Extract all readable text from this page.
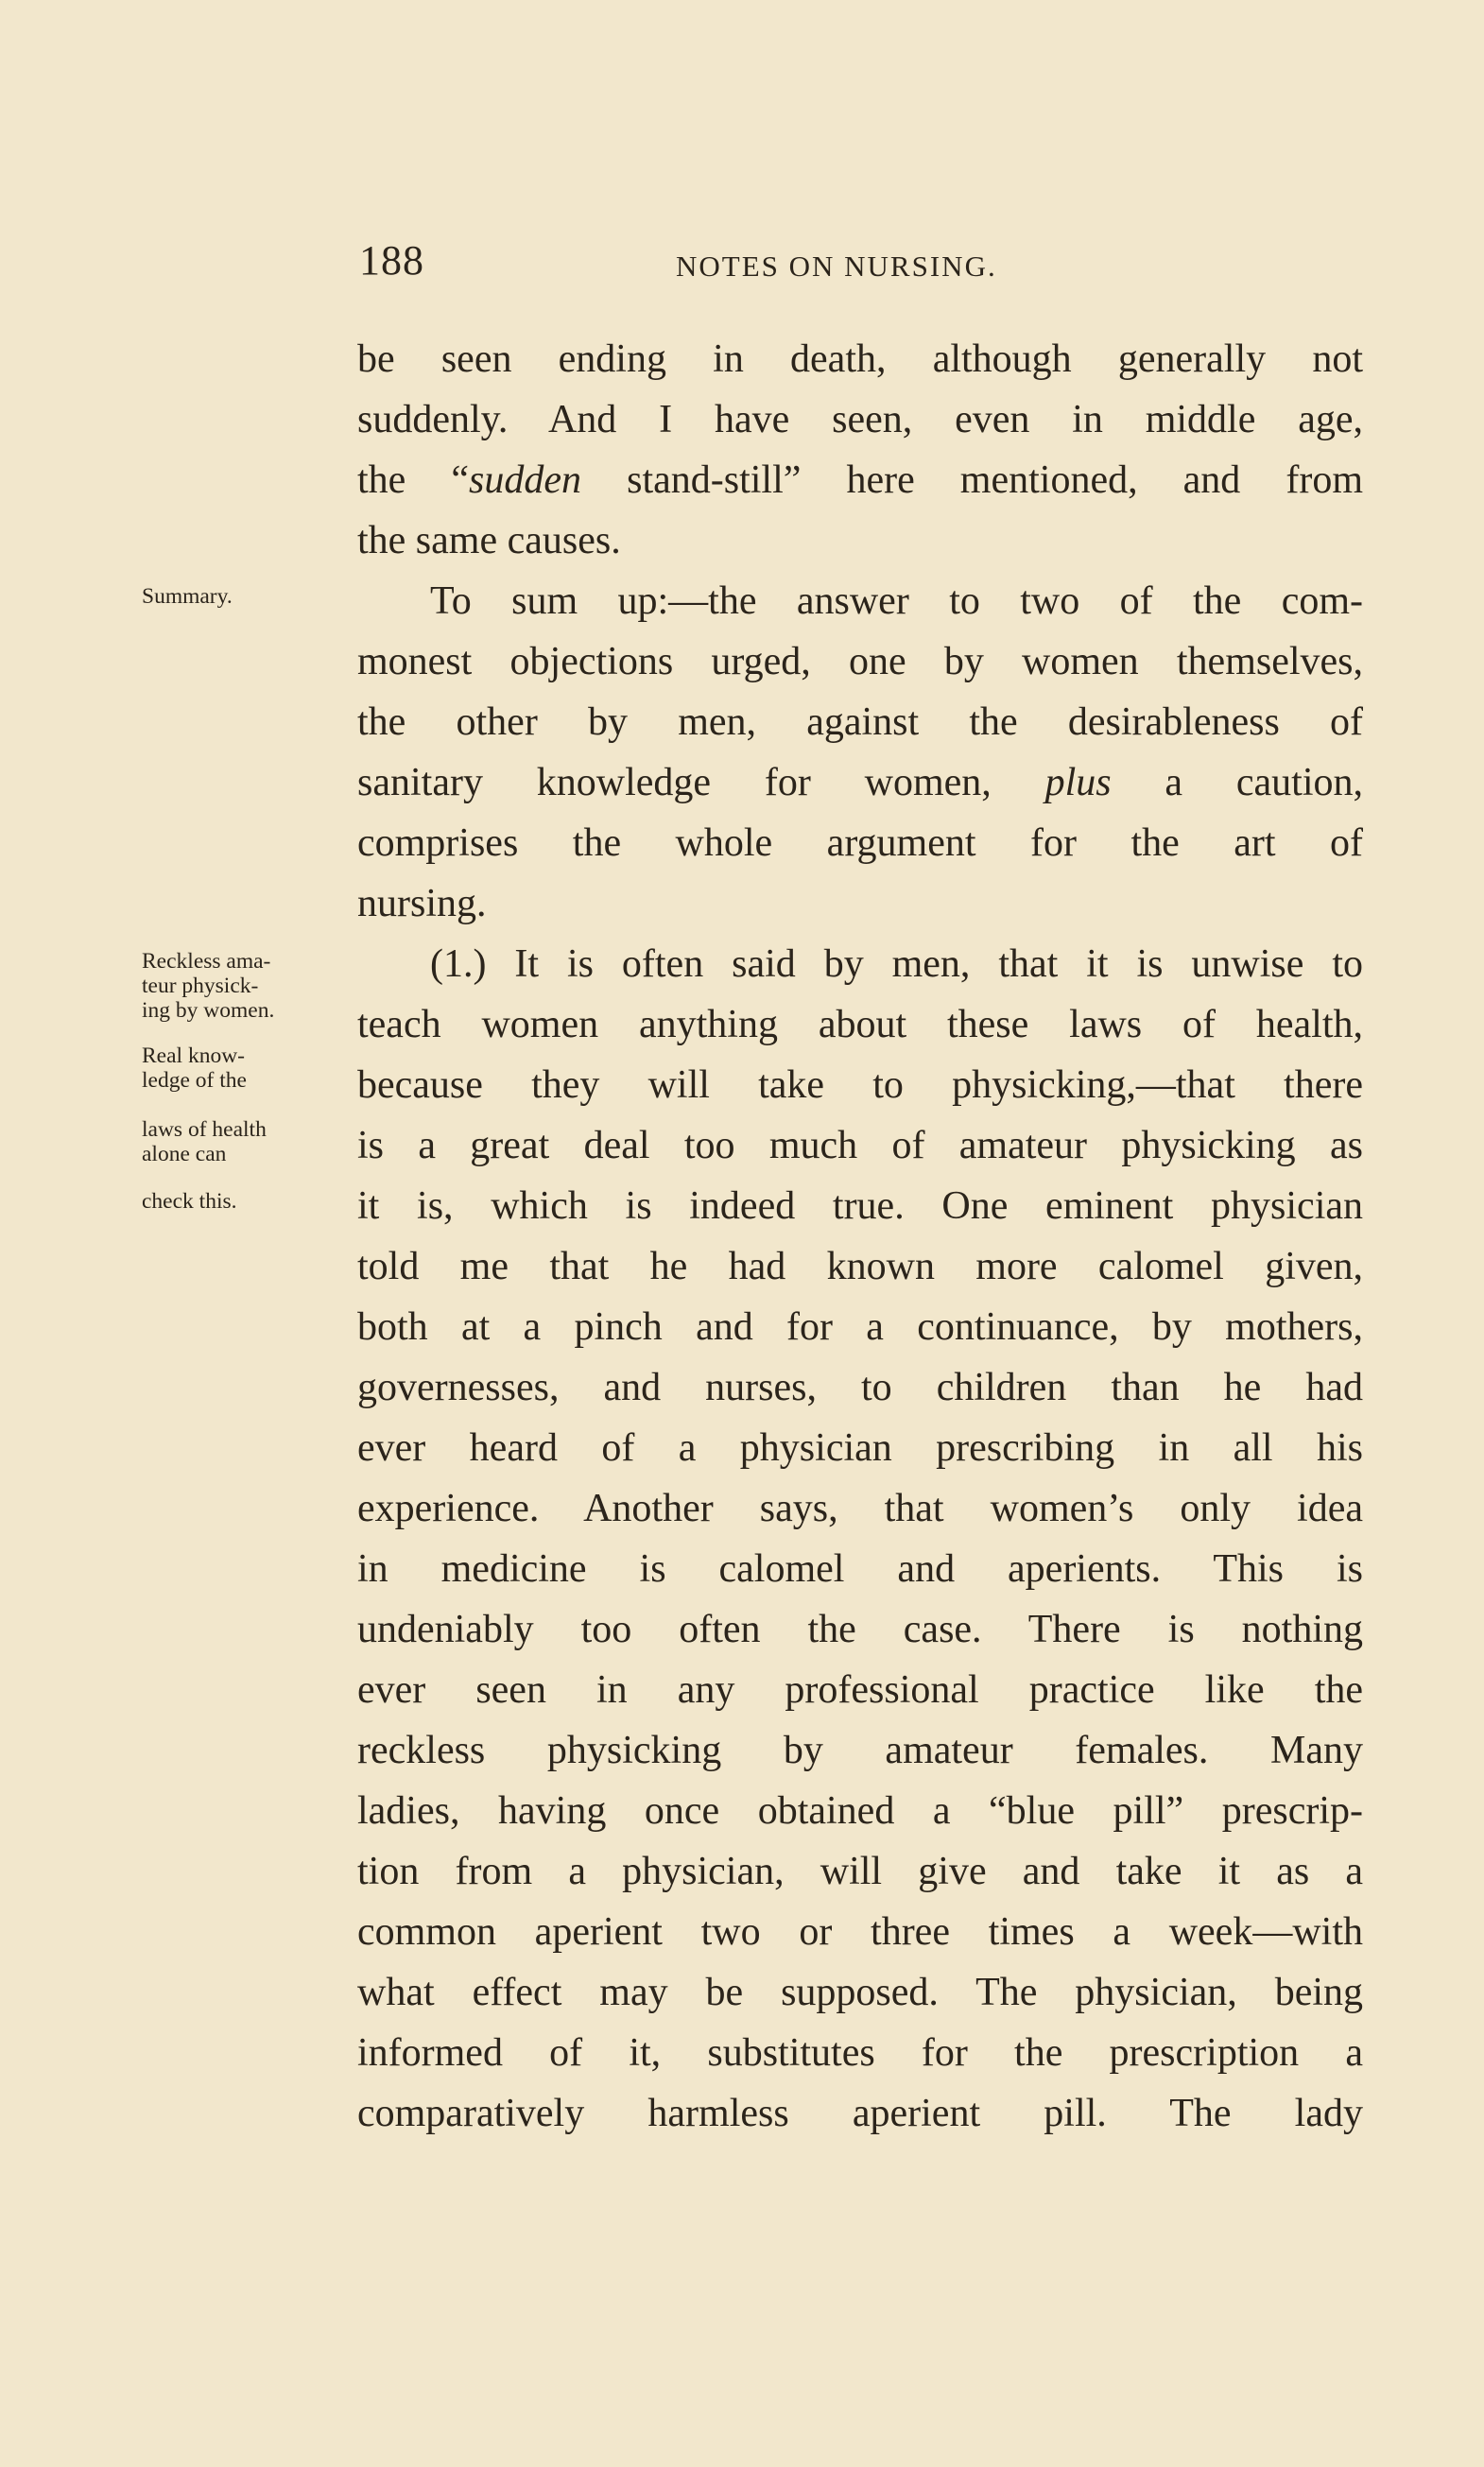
188	NOTES ON NURSING.
be seen ending in death, although generally not
suddenly. And I have seen, even in middle age,
the “sudden stand-still” here mentioned, and from
the same causes.
To sum up:—the answer to two of the com-
monest objections urged, one by women themselves,
the other by men, against the desirableness of
sanitary knowledge for women, plus a caution,
comprises the whole argument for the art of
nursing.
(1.) It is often said by men, that it is unwise to
teach women anything about these laws of health,
because they will take to physicking,—that there
is a great deal too much of amateur physicking as
it is, which is indeed true. One eminent physician
told me that he had known more calomel given,
both at a pinch and for a continuance, by mothers,
governesses, and nurses, to children than he had
ever heard of a physician prescribing in all his
experience. Another says, that women’s only idea
in medicine is calomel and aperients. This is
undeniably too often the case. There is nothing
ever seen in any professional practice like the
reckless physicking by amateur females. Many
ladies, having once obtained a “blue pill” prescrip-
tion from a physician, will give and take it as a
common aperient two or three times a week—with
what effect may be supposed. The physician, being
informed of it, substitutes for the prescription a
comparatively harmless aperient pill. The lady
Summary.
Reckless ama-
teur physick-
ing by women.
Real know-
ledge of the
laws of health
alone can
check this.
